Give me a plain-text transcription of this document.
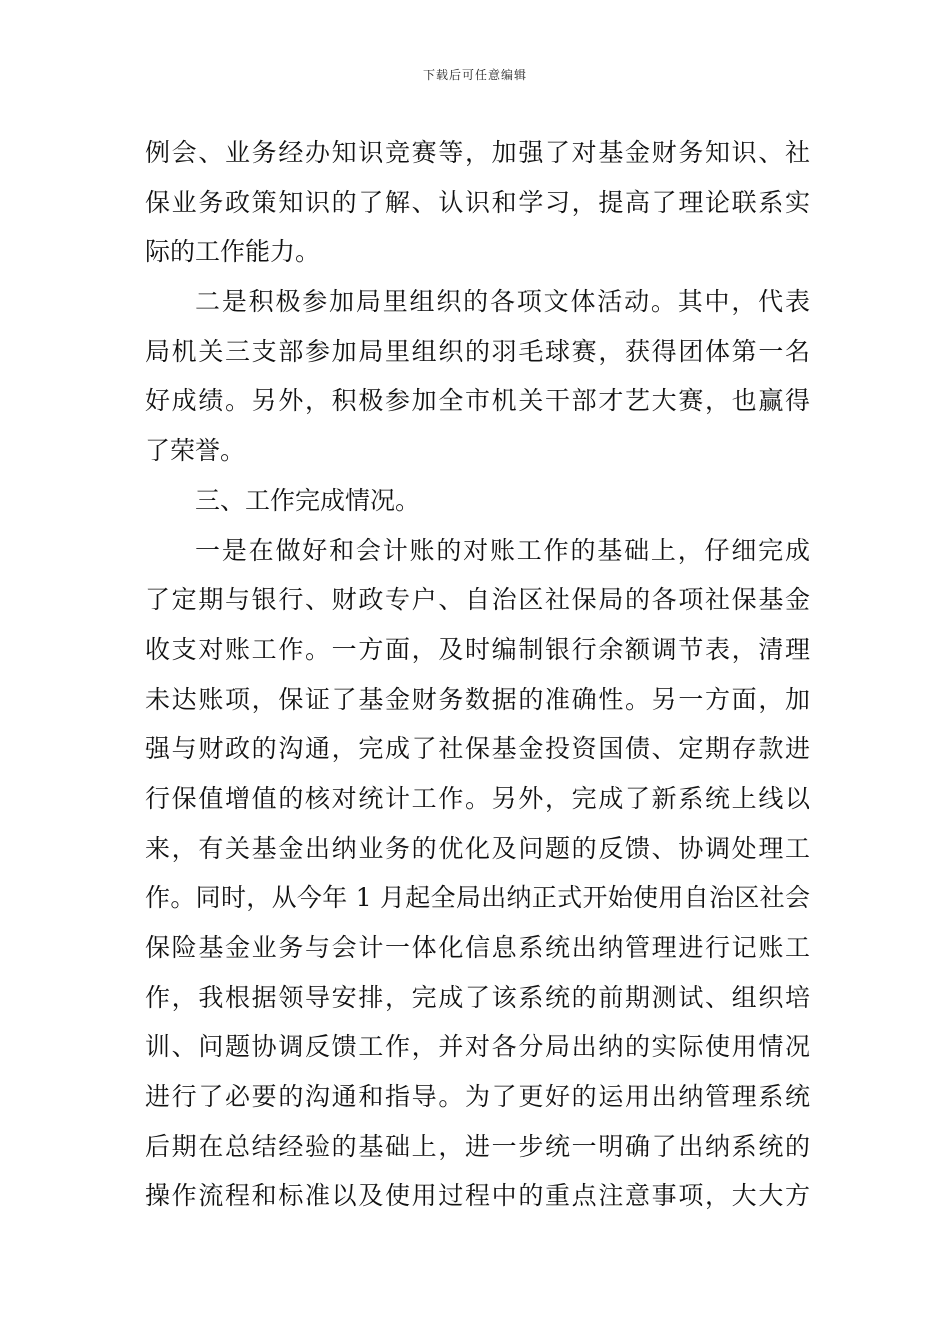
下载后可任意编辑
例会、业务经办知识竞赛等，加强了对基金财务知识、社
保业务政策知识的了解、认识和学习，提高了理论联系实
际的工作能力。
二是积极参加局里组织的各项文体活动。其中，代表
局机关三支部参加局里组织的羽毛球赛，获得团体第一名
好成绩。另外，积极参加全市机关干部才艺大赛，也赢得
了荣誉。
三、工作完成情况。
一是在做好和会计账的对账工作的基础上，仔细完成
了定期与银行、财政专户、自治区社保局的各项社保基金
收支对账工作。一方面，及时编制银行余额调节表，清理
未达账项，保证了基金财务数据的准确性。另一方面，加
强与财政的沟通，完成了社保基金投资国债、定期存款进
行保值增值的核对统计工作。另外，完成了新系统上线以
来，有关基金出纳业务的优化及问题的反馈、协调处理工
作。同时，从今年 1 月起全局出纳正式开始使用自治区社会
保险基金业务与会计一体化信息系统出纳管理进行记账工
作，我根据领导安排，完成了该系统的前期测试、组织培
训、问题协调反馈工作，并对各分局出纳的实际使用情况
进行了必要的沟通和指导。为了更好的运用出纳管理系统
后期在总结经验的基础上，进一步统一明确了出纳系统的
操作流程和标准以及使用过程中的重点注意事项，大大方
